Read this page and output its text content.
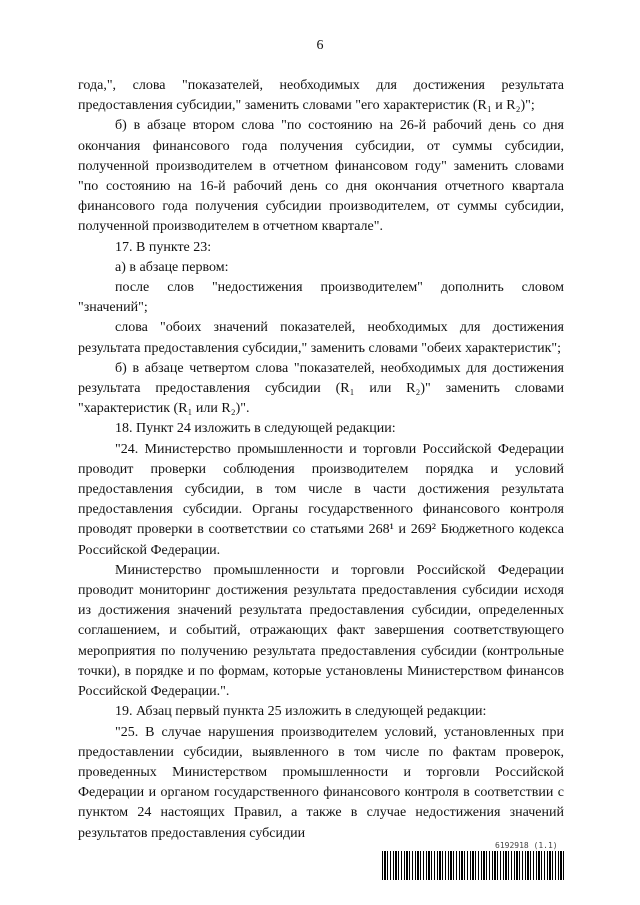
6

года,", слова "показателей, необходимых для достижения результата предоставления субсидии," заменить словами "его характеристик (R₁ и R₂)";

б) в абзаце втором слова "по состоянию на 26-й рабочий день со дня окончания финансового года получения субсидии, от суммы субсидии, полученной производителем в отчетном финансовом году" заменить словами "по состоянию на 16-й рабочий день со дня окончания отчетного квартала финансового года получения субсидии производителем, от суммы субсидии, полученной производителем в отчетном квартале".

17. В пункте 23:

а) в абзаце первом:

после слов "недостижения производителем" дополнить словом "значений";

слова "обоих значений показателей, необходимых для достижения результата предоставления субсидии," заменить словами "обеих характеристик";

б) в абзаце четвертом слова "показателей, необходимых для достижения результата предоставления субсидии (R₁ или R₂)" заменить словами "характеристик (R₁ или R₂)".

18. Пункт 24 изложить в следующей редакции:

"24. Министерство промышленности и торговли Российской Федерации проводит проверки соблюдения производителем порядка и условий предоставления субсидии, в том числе в части достижения результата предоставления субсидии. Органы государственного финансового контроля проводят проверки в соответствии со статьями 268¹ и 269² Бюджетного кодекса Российской Федерации.

Министерство промышленности и торговли Российской Федерации проводит мониторинг достижения результата предоставления субсидии исходя из достижения значений результата предоставления субсидии, определенных соглашением, и событий, отражающих факт завершения соответствующего мероприятия по получению результата предоставления субсидии (контрольные точки), в порядке и по формам, которые установлены Министерством финансов Российской Федерации.".

19. Абзац первый пункта 25 изложить в следующей редакции:

"25. В случае нарушения производителем условий, установленных при предоставлении субсидии, выявленного в том числе по фактам проверок, проведенных Министерством промышленности и торговли Российской Федерации и органом государственного финансового контроля в соответствии с пунктом 24 настоящих Правил, а также в случае недостижения значений результатов предоставления субсидии

6192918 (1.1)
